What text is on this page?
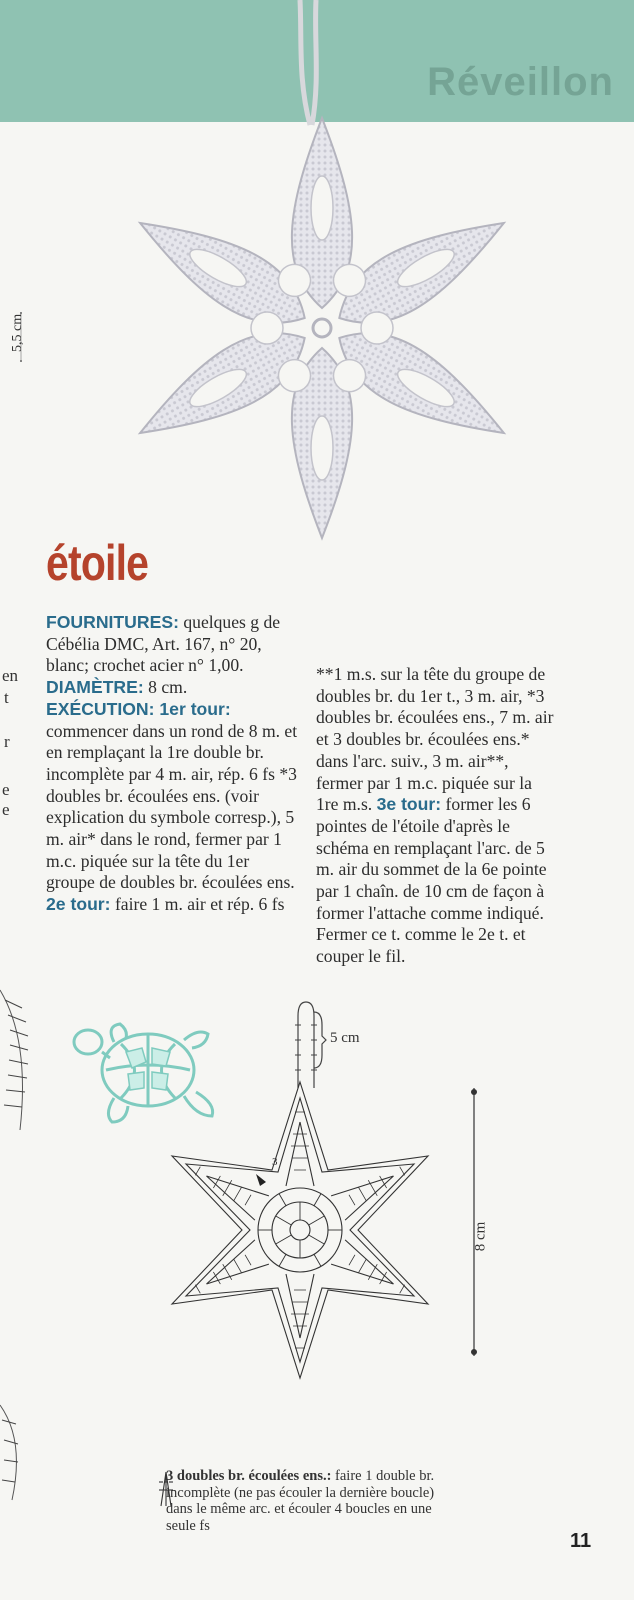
Réveillon
5,5 cm
en
t
r
e
e
étoile
FOURNITURES: quelques g de Cébélia DMC, Art. 167, n° 20, blanc; crochet acier n° 1,00.
DIAMÈTRE: 8 cm.
EXÉCUTION: 1er tour: commencer dans un rond de 8 m. et en remplaçant la 1re double br. incomplète par 4 m. air, rép. 6 fs *3 doubles br. écoulées ens. (voir explication du symbole corresp.), 5 m. air* dans le rond, fermer par 1 m.c. piquée sur la tête du 1er groupe de doubles br. écoulées ens. 2e tour: faire 1 m. air et rép. 6 fs
**1 m.s. sur la tête du groupe de doubles br. du 1er t., 3 m. air, *3 doubles br. écoulées ens., 7 m. air et 3 doubles br. écoulées ens.* dans l'arc. suiv., 3 m. air**, fermer par 1 m.c. piquée sur la 1re m.s. 3e tour: former les 6 pointes de l'étoile d'après le schéma en remplaçant l'arc. de 5 m. air du sommet de la 6e pointe par 1 chaîn. de 10 cm de façon à former l'attache comme indiqué. Fermer ce t. comme le 2e t. et couper le fil.
5 cm
3
8 cm
3 doubles br. écoulées ens.: faire 1 double br. incomplète (ne pas écouler la dernière boucle) dans le même arc. et écouler 4 boucles en une seule fs
11
